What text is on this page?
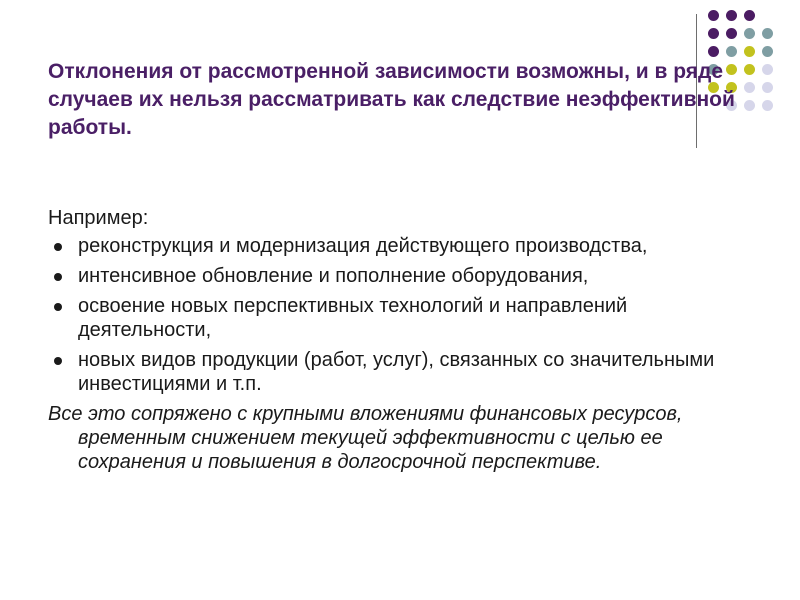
Отклонения от рассмотренной зависимости возможны, и в ряде случаев их нельзя рассматривать как следствие неэффективной работы.

Например:

реконструкция и модернизация действующего производства,
интенсивное обновление и пополнение оборудования,
освоение новых перспективных технологий и направлений деятельности,
новых видов продукции (работ, услуг), связанных со значительными инвестициями и т.п.

Все это сопряжено с крупными вложениями финансовых ресурсов, временным снижением текущей эффективности с целью ее сохранения и повышения в долгосрочной перспективе.
